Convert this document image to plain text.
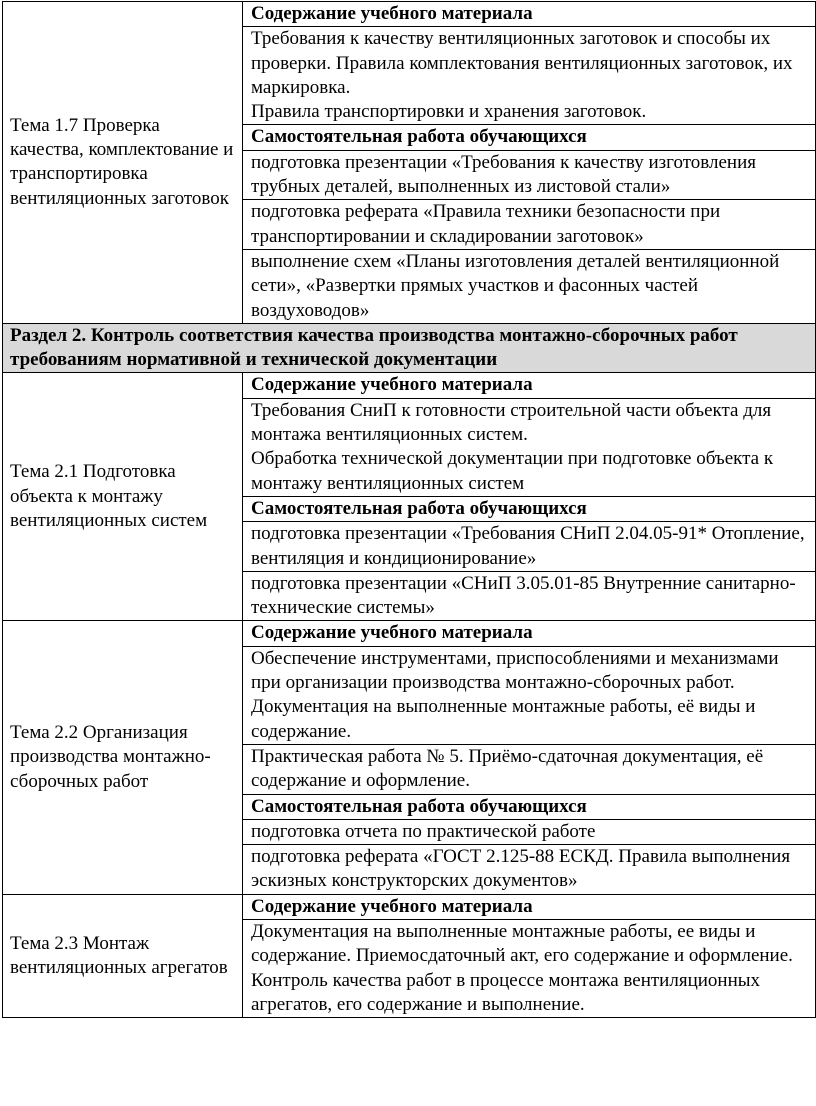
Тема 1.7 Проверка качества, комплектование и транспортировка вентиляционных заготовок	Содержание учебного материала

	Требования к качеству вентиляционных заготовок и способы их проверки. Правила комплектования вентиляционных заготовок, их маркировка.
Правила транспортировки и хранения заготовок.

	Самостоятельная работа обучающихся

	подготовка презентации «Требования к качеству изготовления трубных деталей, выполненных из листовой стали»

	подготовка реферата «Правила техники безопасности при транспортировании и складировании заготовок»

	выполнение схем «Планы изготовления деталей вентиляционной сети», «Развертки прямых участков и фасонных частей воздуховодов»

Раздел 2. Контроль соответствия качества производства монтажно-сборочных работ требованиям нормативной и технической документации	
Тема 2.1 Подготовка объекта к монтажу вентиляционных систем	Содержание учебного материала

	Требования СниП к готовности строительной части объекта для монтажа вентиляционных систем.
Обработка технической документации при подготовке объекта к монтажу вентиляционных систем

	Самостоятельная работа обучающихся

	подготовка презентации «Требования СНиП 2.04.05-91* Отопление, вентиляция и кондиционирование»

	подготовка презентации «СНиП 3.05.01-85 Внутренние санитарно-технические системы»

Тема 2.2 Организация производства монтажно-сборочных работ	Содержание учебного материала

	Обеспечение инструментами, приспособлениями и механизмами при организации производства монтажно-сборочных работ.
Документация на выполненные монтажные работы, её виды и содержание.

	Практическая работа № 5. Приёмо-сдаточная документация, её содержание и оформление.

	Самостоятельная работа обучающихся

	подготовка отчета по практической работе

	подготовка реферата «ГОСТ 2.125-88 ЕСКД. Правила выполнения эскизных конструкторских документов»

Тема 2.3 Монтаж вентиляционных агрегатов	Содержание учебного материала

	Документация на выполненные монтажные работы, ее виды и содержание. Приемосдаточный акт, его содержание и оформление.
Контроль качества работ в процессе монтажа вентиляционных агрегатов, его содержание и выполнение.
